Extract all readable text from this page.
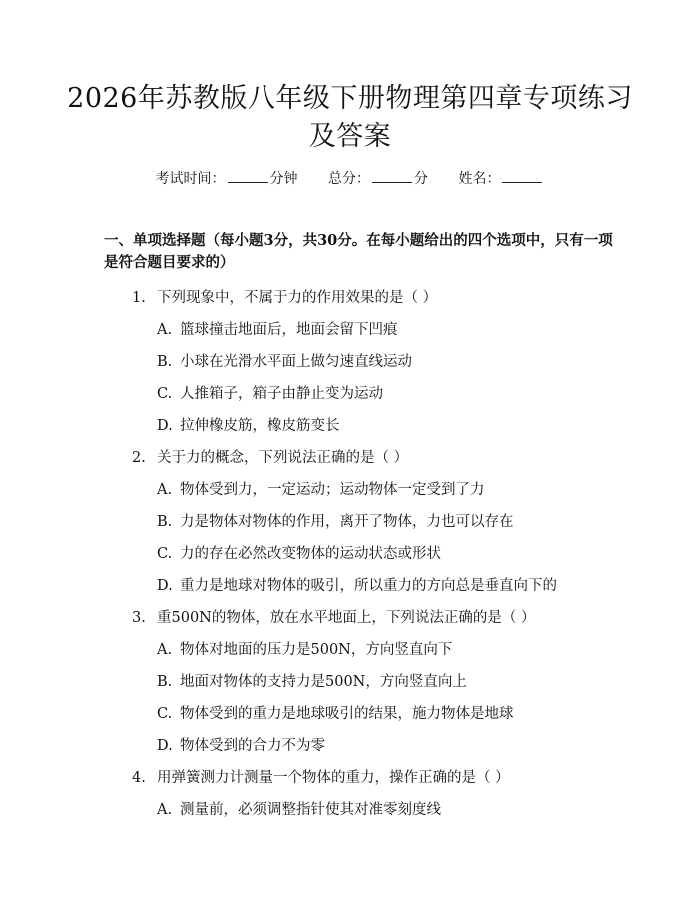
2026年苏教版八年级下册物理第四章专项练习及答案
考试时间：	分钟 总分：	分 姓名：

一、单项选择题（每小题3分，共30分。在每小题给出的四个选项中，只有一项是符合题目要求的）

1. 下列现象中，不属于力的作用效果的是（ ）
A. 篮球撞击地面后，地面会留下凹痕
B. 小球在光滑水平面上做匀速直线运动
C. 人推箱子，箱子由静止变为运动
D. 拉伸橡皮筋，橡皮筋变长
2. 关于力的概念，下列说法正确的是（ ）
A. 物体受到力，一定运动；运动物体一定受到了力
B. 力是物体对物体的作用，离开了物体，力也可以存在
C. 力的存在必然改变物体的运动状态或形状
D. 重力是地球对物体的吸引，所以重力的方向总是垂直向下的
3. 重500N的物体，放在水平地面上，下列说法正确的是（ ）
A. 物体对地面的压力是500N，方向竖直向下
B. 地面对物体的支持力是500N，方向竖直向上
C. 物体受到的重力是地球吸引的结果，施力物体是地球
D. 物体受到的合力不为零
4. 用弹簧测力计测量一个物体的重力，操作正确的是（ ）
A. 测量前，必须调整指针使其对准零刻度线
